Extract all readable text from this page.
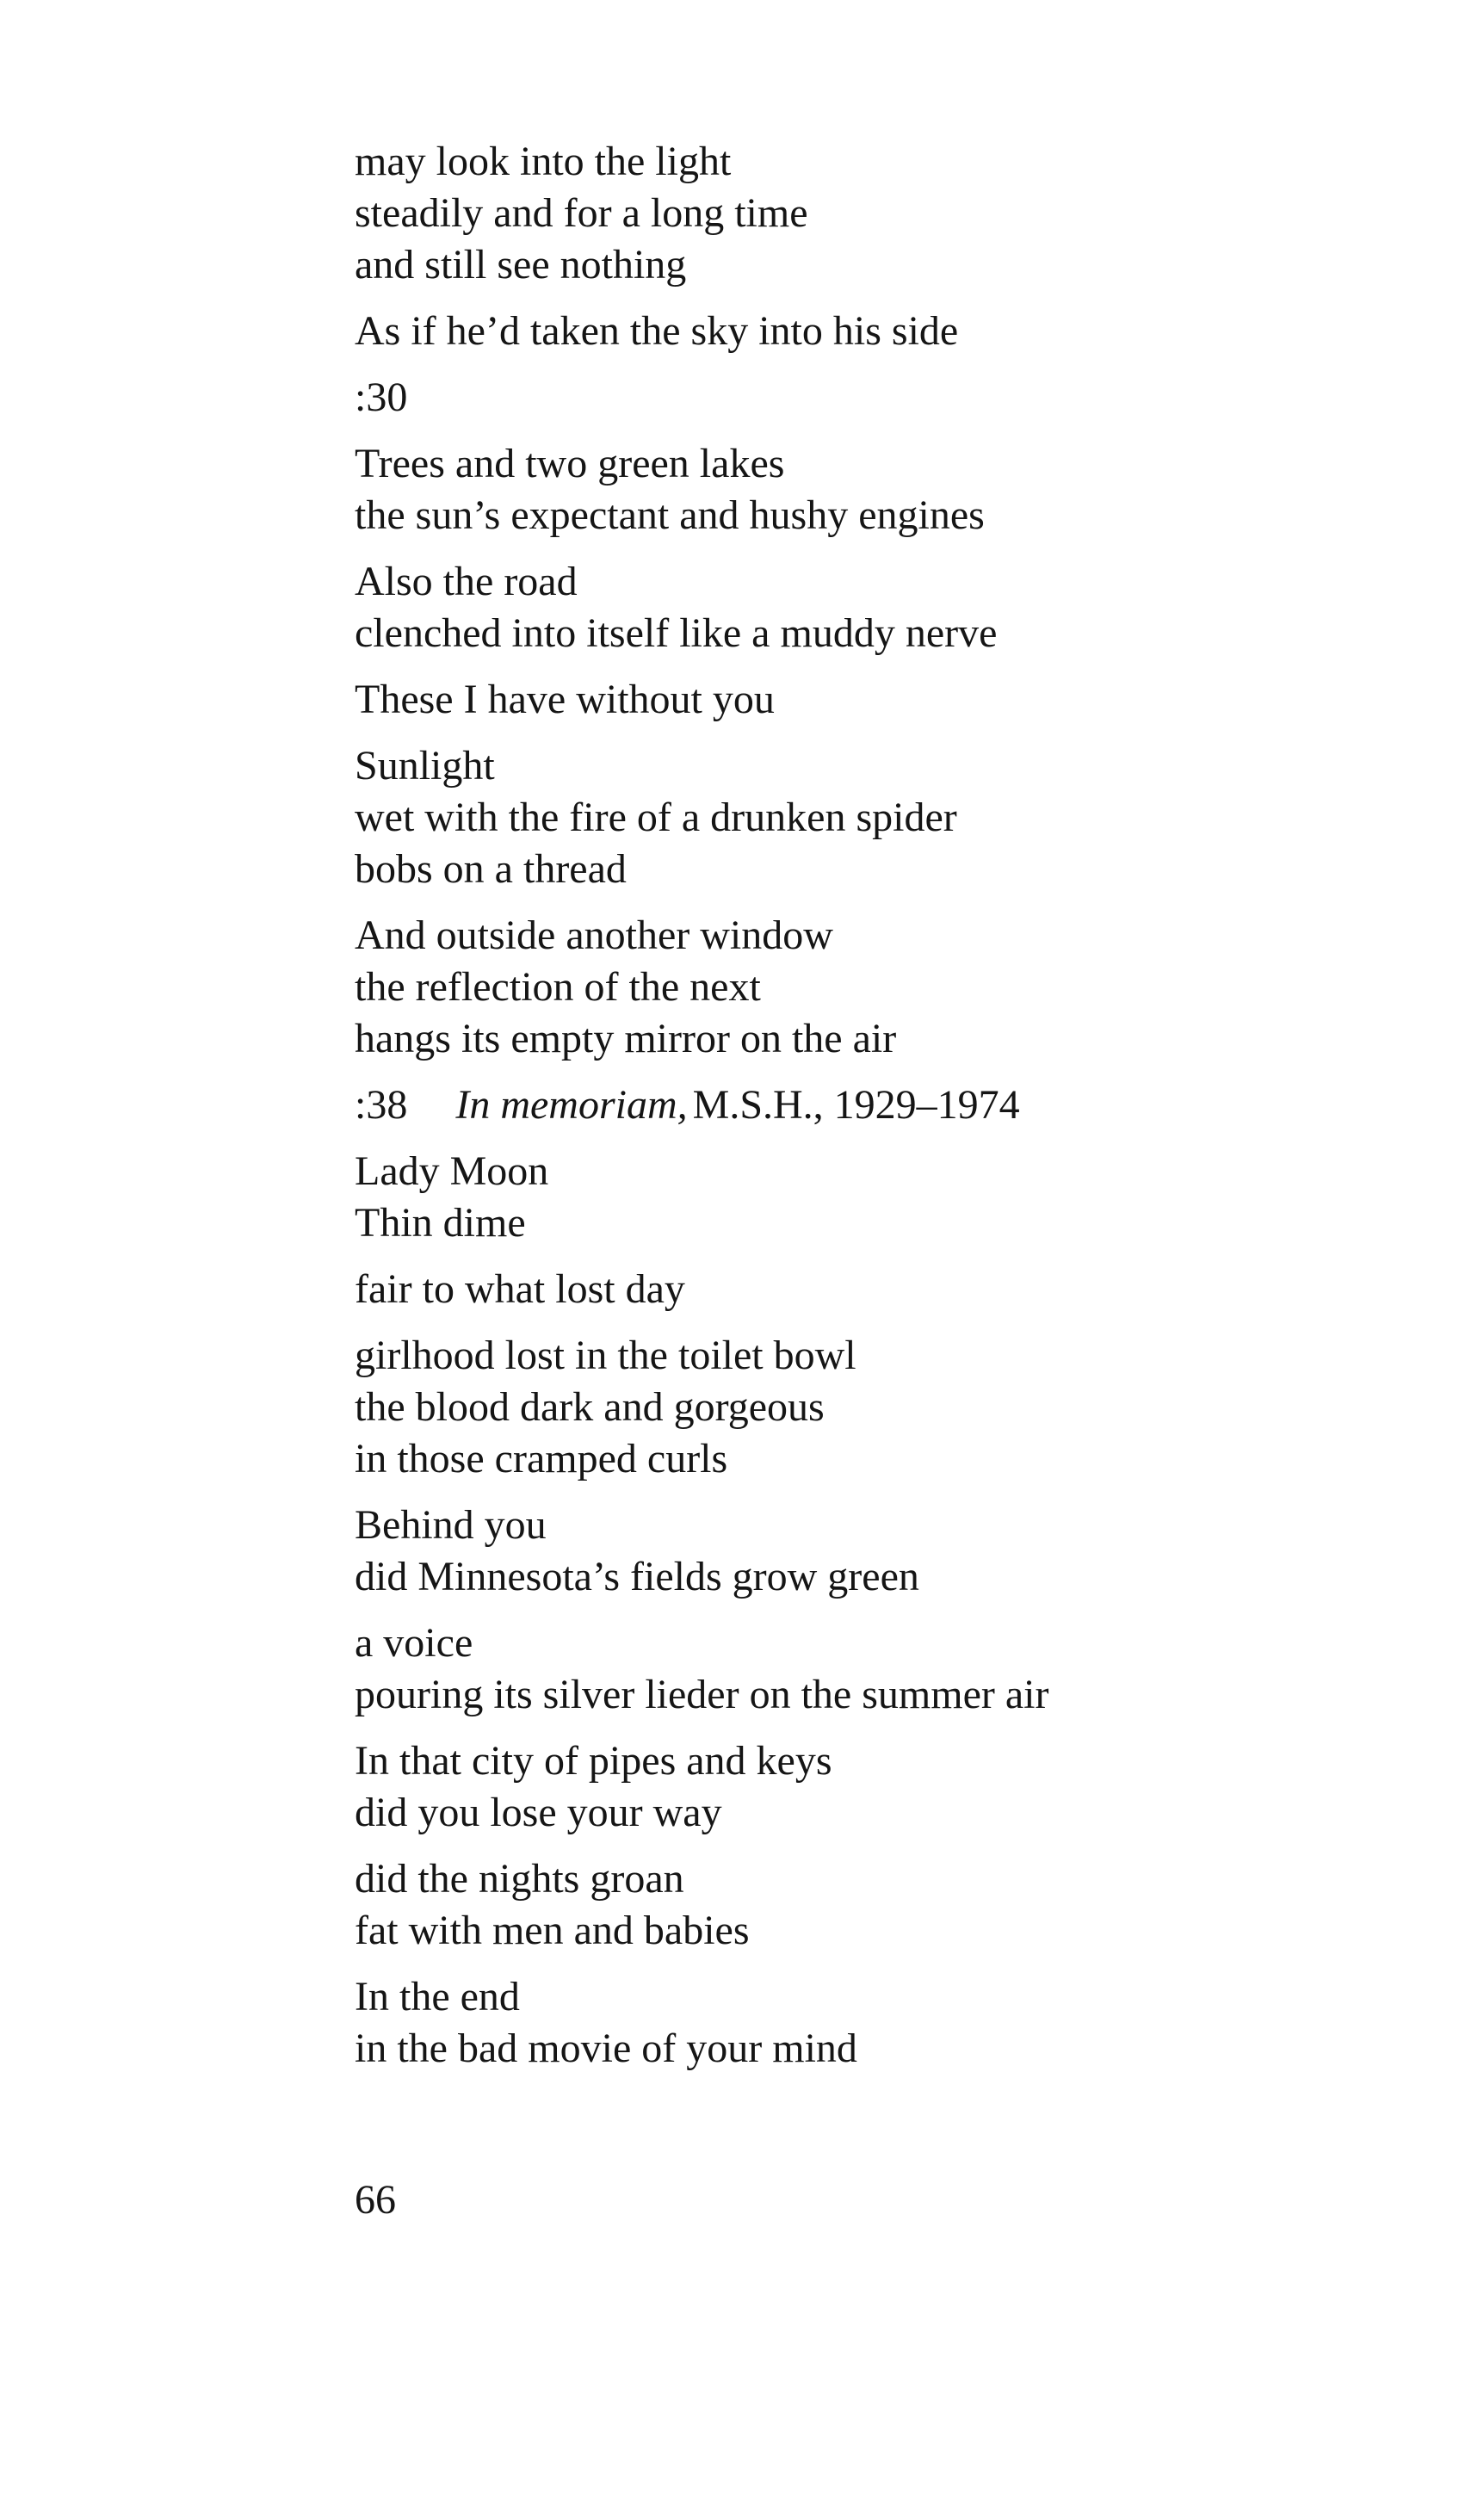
may look into the light
steadily and for a long time
and still see nothing
As if he’d taken the sky into his side
:30
Trees and two green lakes
the sun’s expectant and hushy engines
Also the road
clenched into itself like a muddy nerve
These I have without you
Sunlight
wet with the fire of a drunken spider
bobs on a thread
And outside another window
the reflection of the next
hangs its empty mirror on the air
:38 In memoriam, M.S.H., 1929–1974
Lady Moon
Thin dime
fair to what lost day
girlhood lost in the toilet bowl
the blood dark and gorgeous
in those cramped curls
Behind you
did Minnesota’s fields grow green
a voice
pouring its silver lieder on the summer air
In that city of pipes and keys
did you lose your way
did the nights groan
fat with men and babies
In the end
in the bad movie of your mind
66
